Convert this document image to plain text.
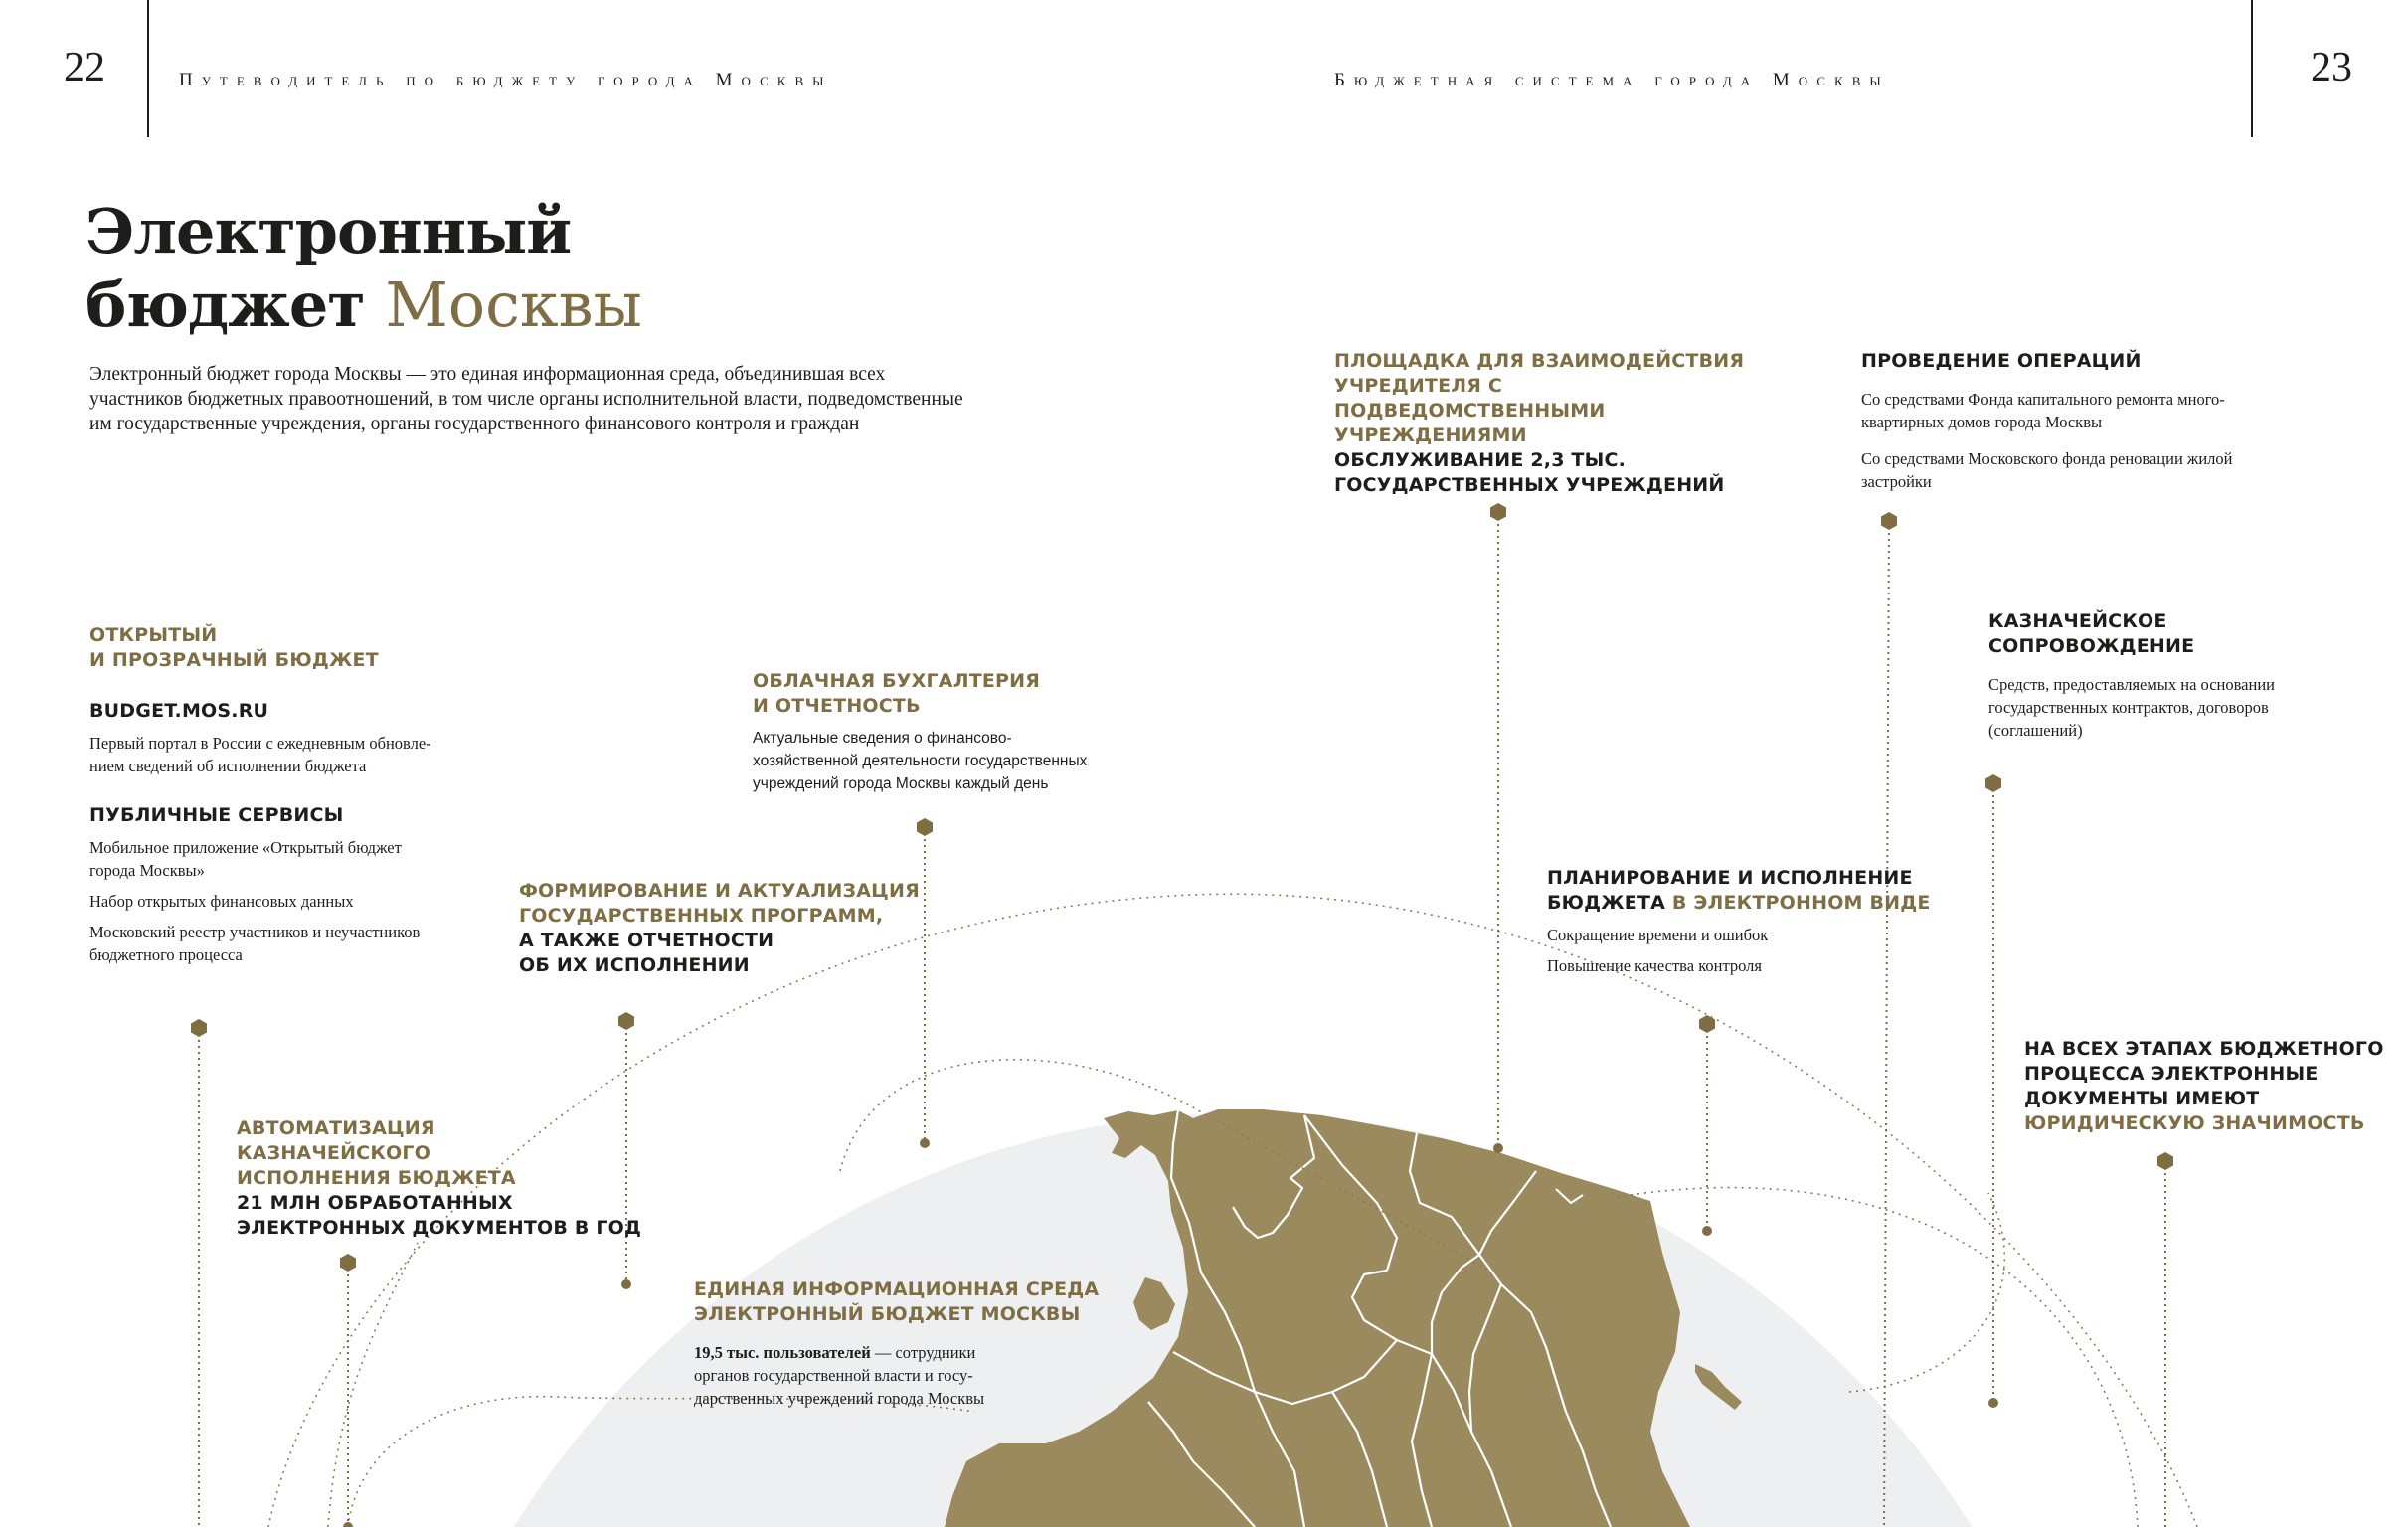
22	Путеводитель по бюджету города Москвы	Бюджетная система города Москвы	23
Электронный
бюджет Москвы

Электронный бюджет города Москвы — это единая информационная среда, объединившая всех участников бюджетных правоотношений, в том числе органы исполнительной власти, подведомственные им государственные учреждения, органы государственного финансового контроля и граждан

ОТКРЫТЫЙ

И ПРОЗРАЧНЫЙ БЮДЖЕТ

BUDGET.MOS.RU

Первый портал в России с ежедневным обновле-

нием сведений об исполнении бюджета

ПУБЛИЧНЫЕ СЕРВИСЫ

Мобильное приложение «Открытый бюджет

города Москвы»

Набор открытых финансовых данных

Московский реестр участников и неучастников

бюджетного процесса

АВТОМАТИЗАЦИЯ

КАЗНАЧЕЙСКОГО

ИСПОЛНЕНИЯ БЮДЖЕТА

21 МЛН ОБРАБОТАННЫХ

ЭЛЕКТРОННЫХ ДОКУМЕНТОВ В ГОД

ФОРМИРОВАНИЕ И АКТУАЛИЗАЦИЯ

ГОСУДАРСТВЕННЫХ ПРОГРАММ,

А ТАКЖЕ ОТЧЕТНОСТИ

ОБ ИХ ИСПОЛНЕНИИ

ОБЛАЧНАЯ БУХГАЛТЕРИЯ

И ОТЧЕТНОСТЬ

Актуальные сведения о финансово-

хозяйственной деятельности государственных

учреждений города Москвы каждый день

ЕДИНАЯ ИНФОРМАЦИОННАЯ СРЕДА

ЭЛЕКТРОННЫЙ БЮДЖЕТ МОСКВЫ

19,5 тыс. пользователей — сотрудники

органов государственной власти и госу-

дарственных учреждений города Москвы

ПЛОЩАДКА ДЛЯ ВЗАИМОДЕЙСТВИЯ

УЧРЕДИТЕЛЯ С ПОДВЕДОМСТВЕННЫМИ

УЧРЕЖДЕНИЯМИ

ОБСЛУЖИВАНИЕ 2,3 ТЫС.

ГОСУДАРСТВЕННЫХ УЧРЕЖДЕНИЙ

ПРОВЕДЕНИЕ ОПЕРАЦИЙ

Со средствами Фонда капитального ремонта много-

квартирных домов города Москвы

Со средствами Московского фонда реновации жилой

застройки

КАЗНАЧЕЙСКОЕ

СОПРОВОЖДЕНИЕ

Средств, предоставляемых на основании

государственных контрактов, договоров

(соглашений)

ПЛАНИРОВАНИЕ И ИСПОЛНЕНИЕ

БЮДЖЕТА В ЭЛЕКТРОННОМ ВИДЕ

Сокращение времени и ошибок

Повышение качества контроля

НА ВСЕХ ЭТАПАХ БЮДЖЕТНОГО

ПРОЦЕССА ЭЛЕКТРОННЫЕ

ДОКУМЕНТЫ ИМЕЮТ

ЮРИДИЧЕСКУЮ ЗНАЧИМОСТЬ
